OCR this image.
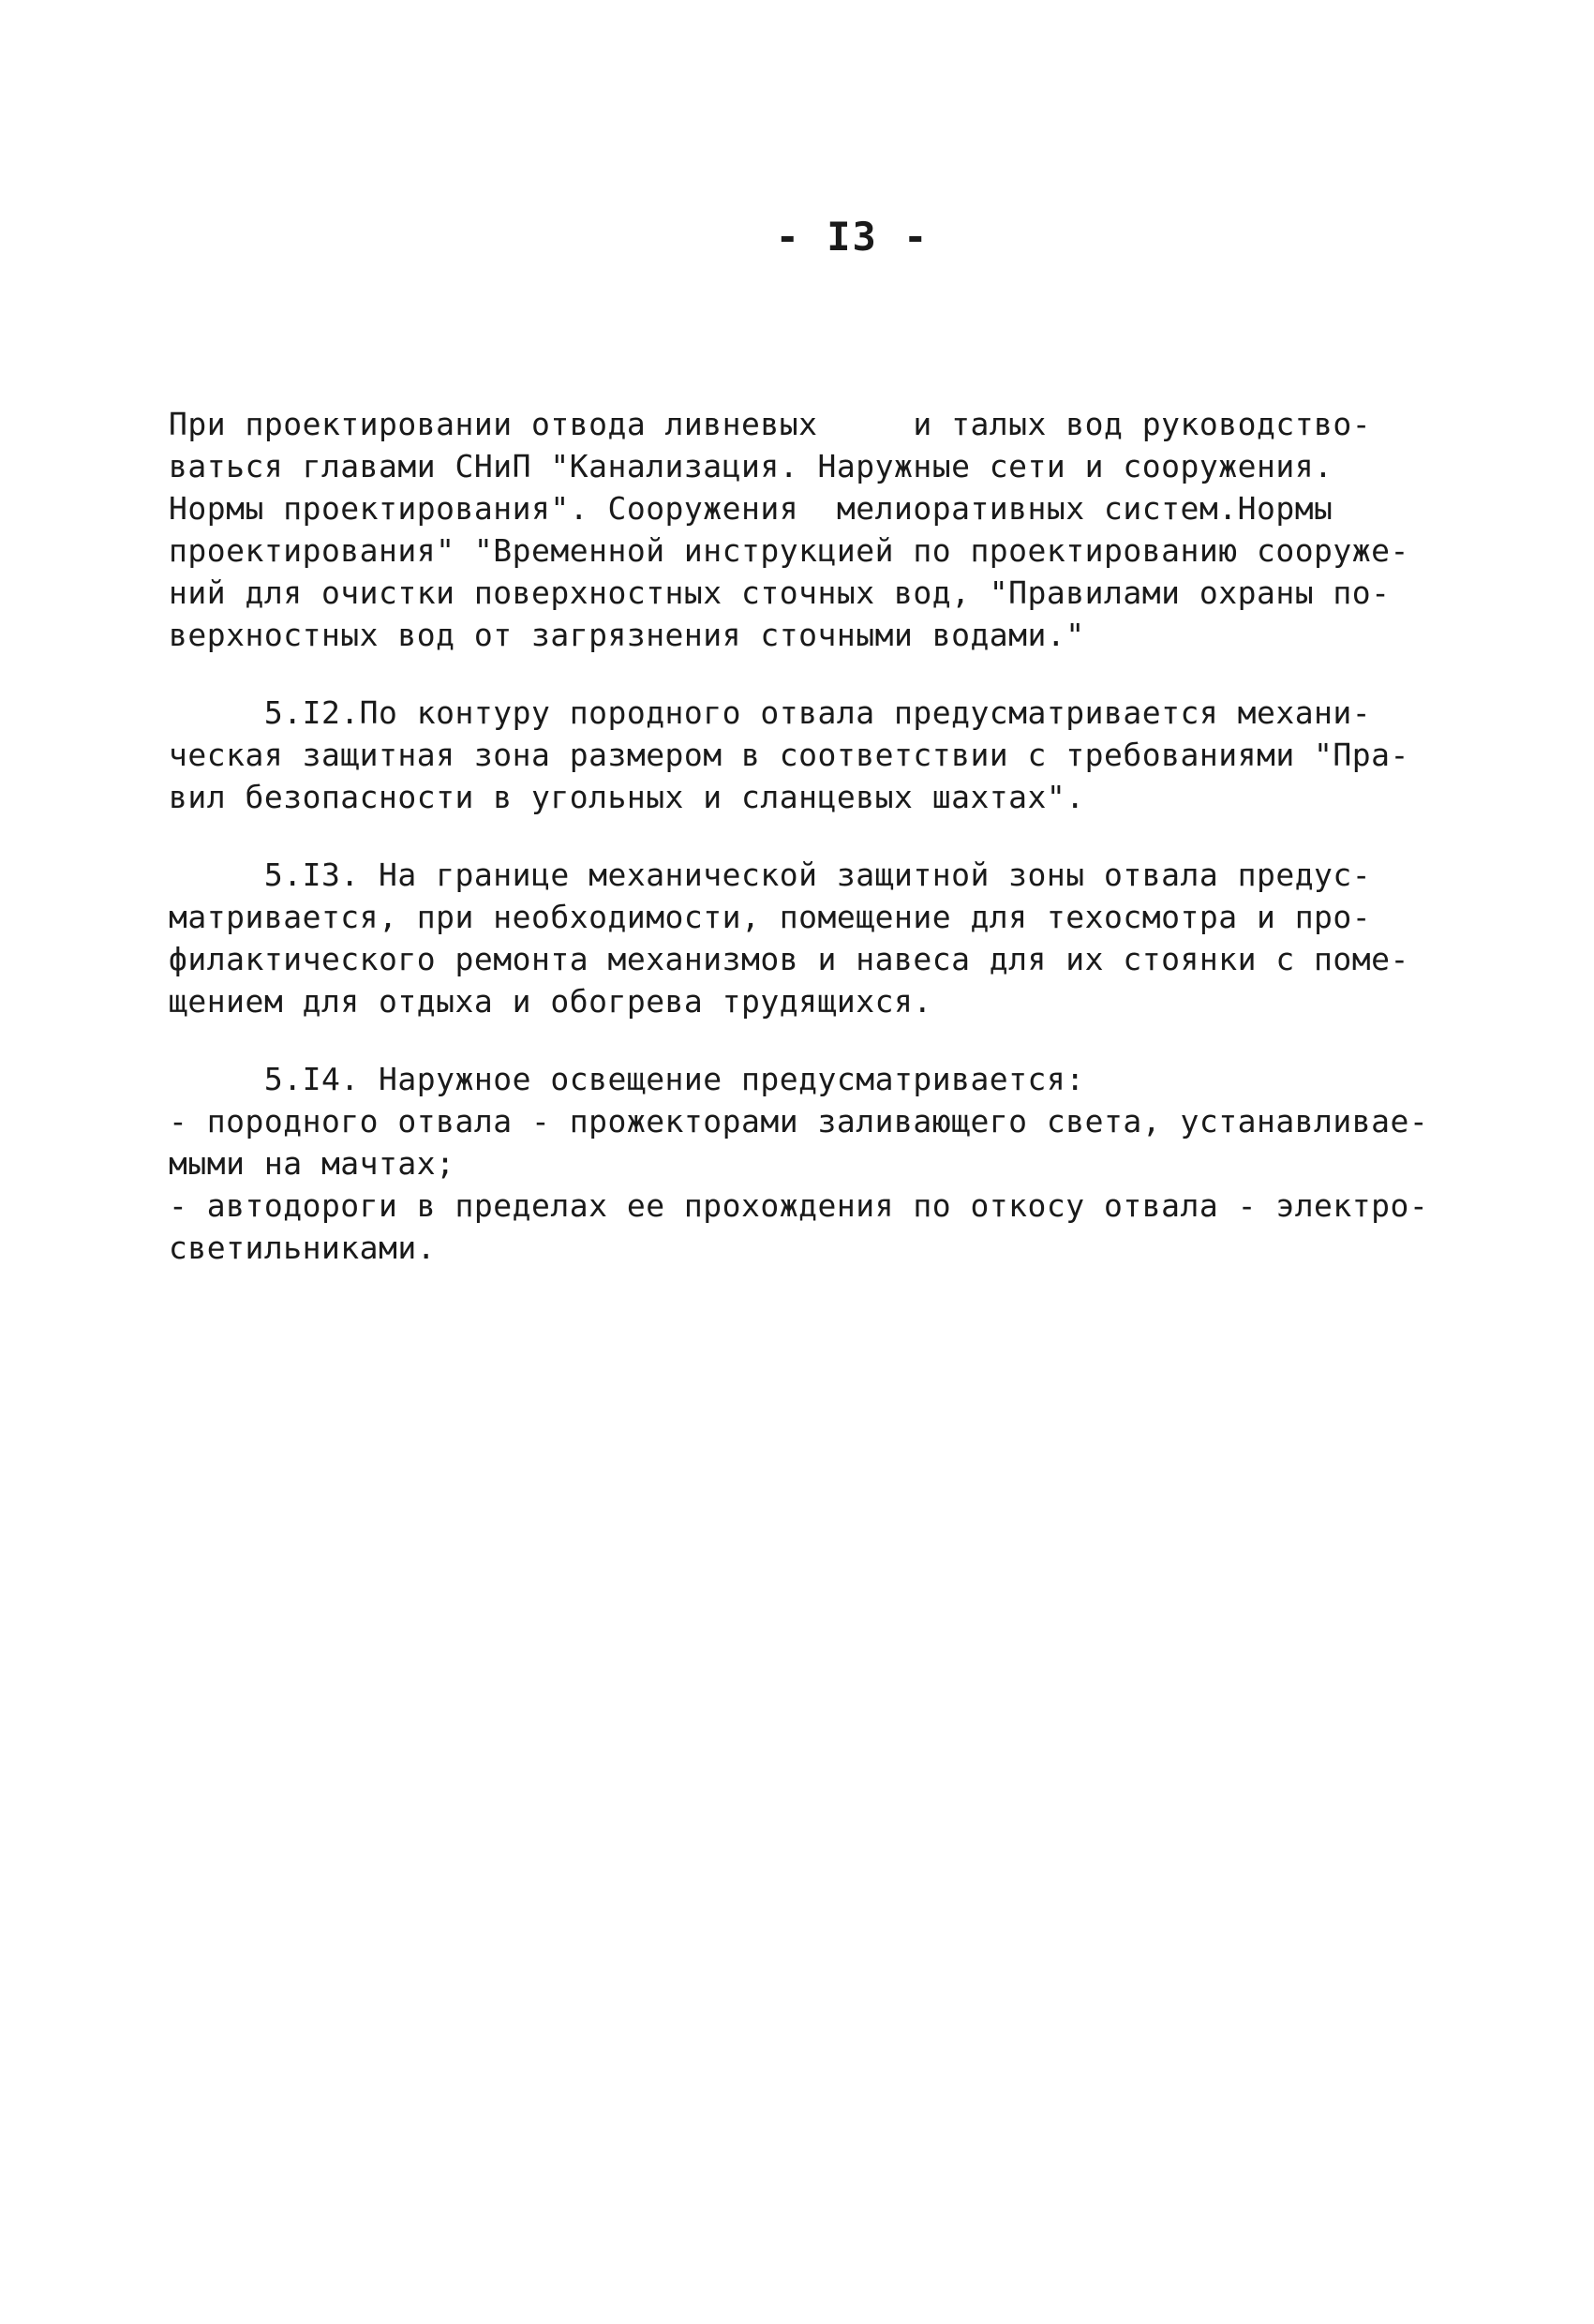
- I3 -
При проектировании отвода ливневых     и талых вод руководство-
ваться главами СНиП "Канализация. Наружные сети и сооружения.
Нормы проектирования". Сооружения  мелиоративных систем.Нормы
проектирования" "Временной инструкцией по проектированию сооруже-
ний для очистки поверхностных сточных вод, "Правилами охраны по-
верхностных вод от загрязнения сточными водами."
5.I2.По контуру породного отвала предусматривается механи-
ческая защитная зона размером в соответствии с требованиями "Пра-
вил безопасности в угольных и сланцевых шахтах".
5.I3. На границе механической защитной зоны отвала предус-
матривается, при необходимости, помещение для техосмотра и про-
филактического ремонта механизмов и навеса для их стоянки с поме-
щением для отдыха и обогрева трудящихся.
5.I4. Наружное освещение предусматривается:
- породного отвала - прожекторами заливающего света, устанавливае-
мыми на мачтах;
- автодороги в пределах ее прохождения по откосу отвала - электро-
светильниками.
